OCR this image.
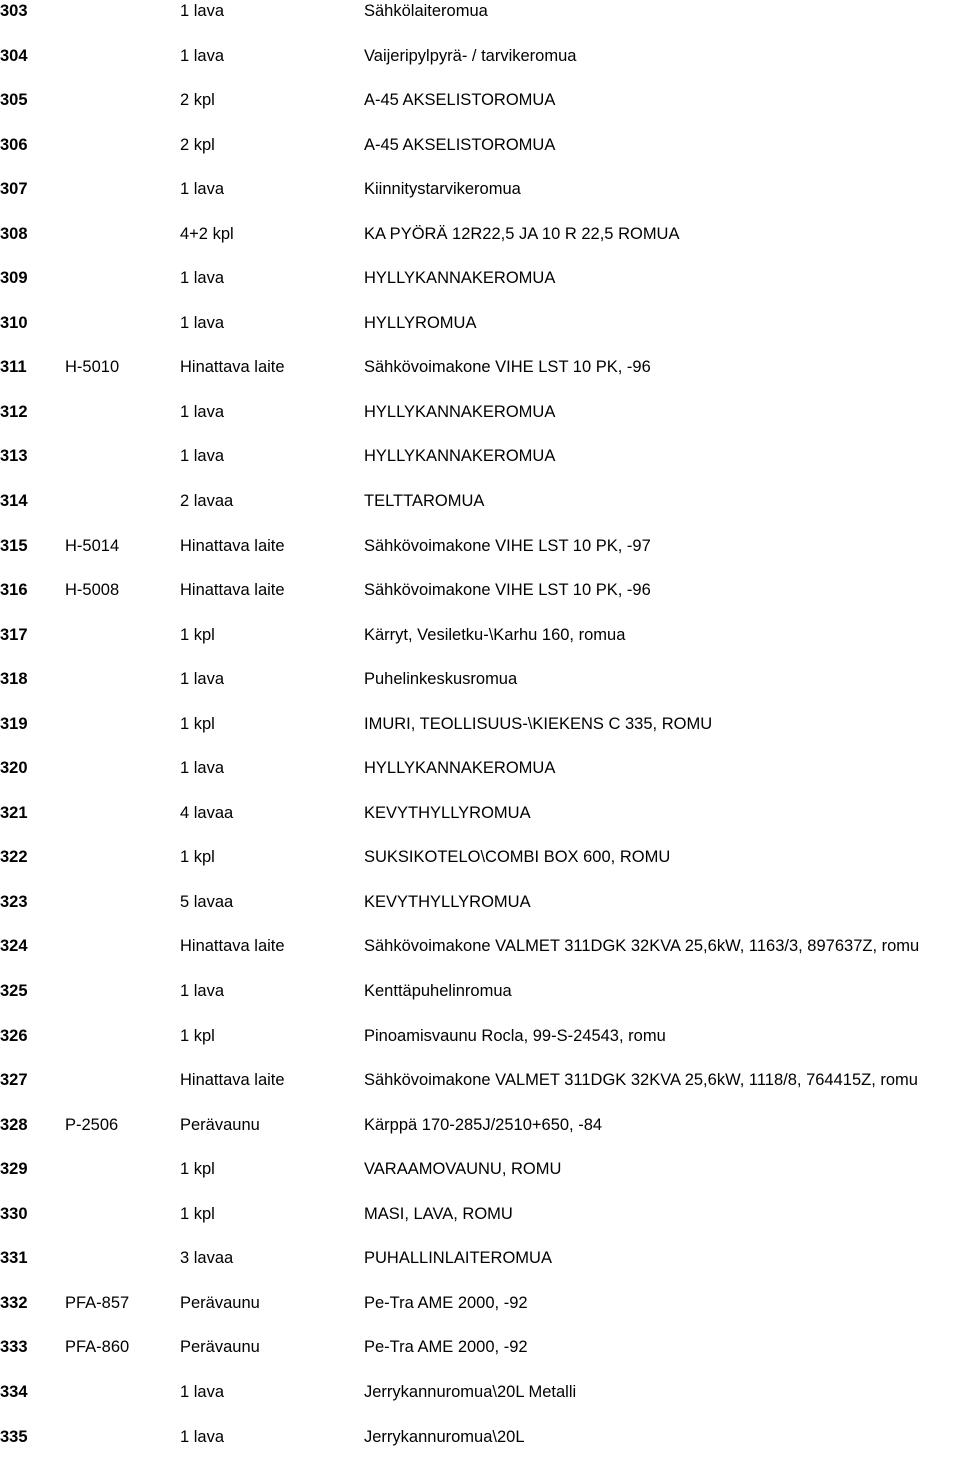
303	1 lava	Sähkölaiteromua
304	1 lava	Vaijeripylpyrä- / tarvikeromua
305	2 kpl	A-45 AKSELISTOROMUA
306	2 kpl	A-45 AKSELISTOROMUA
307	1 lava	Kiinnitystarvikeromua
308	4+2 kpl	KA PYÖRÄ 12R22,5 JA 10 R 22,5 ROMUA
309	1 lava	HYLLYKANNAKEROMUA
310	1 lava	HYLLYROMUA
311 H-5010	Hinattava laite	Sähkövoimakone VIHE LST 10 PK, -96
312	1 lava	HYLLYKANNAKEROMUA
313	1 lava	HYLLYKANNAKEROMUA
314	2 lavaa	TELTTAROMUA
315 H-5014	Hinattava laite	Sähkövoimakone VIHE LST 10 PK, -97
316 H-5008	Hinattava laite	Sähkövoimakone VIHE LST 10 PK, -96
317	1 kpl	Kärryt, Vesiletku-\Karhu 160, romua
318	1 lava	Puhelinkeskusromua
319	1 kpl	IMURI, TEOLLISUUS-\KIEKENS C 335, ROMU
320	1 lava	HYLLYKANNAKEROMUA
321	4 lavaa	KEVYTHYLLYROMUA
322	1 kpl	SUKSIKOTELO\COMBI BOX 600, ROMU
323	5 lavaa	KEVYTHYLLYROMUA
324	Hinattava laite	Sähkövoimakone VALMET 311DGK 32KVA 25,6kW, 1163/3, 897637Z, romu
325	1 lava	Kenttäpuhelinromua
326	1 kpl	Pinoamisvaunu Rocla, 99-S-24543, romu
327	Hinattava laite	Sähkövoimakone VALMET 311DGK 32KVA 25,6kW, 1118/8, 764415Z, romu
328 P-2506	Perävaunu	Kärppä 170-285J/2510+650, -84
329	1 kpl	VARAAMOVAUNU, ROMU
330	1 kpl	MASI, LAVA, ROMU
331	3 lavaa	PUHALLINLAITEROMUA
332 PFA-857	Perävaunu	Pe-Tra AME 2000, -92
333 PFA-860	Perävaunu	Pe-Tra AME 2000, -92
334	1 lava	Jerrykannuromua\20L Metalli
335	1 lava	Jerrykannuromua\20L
